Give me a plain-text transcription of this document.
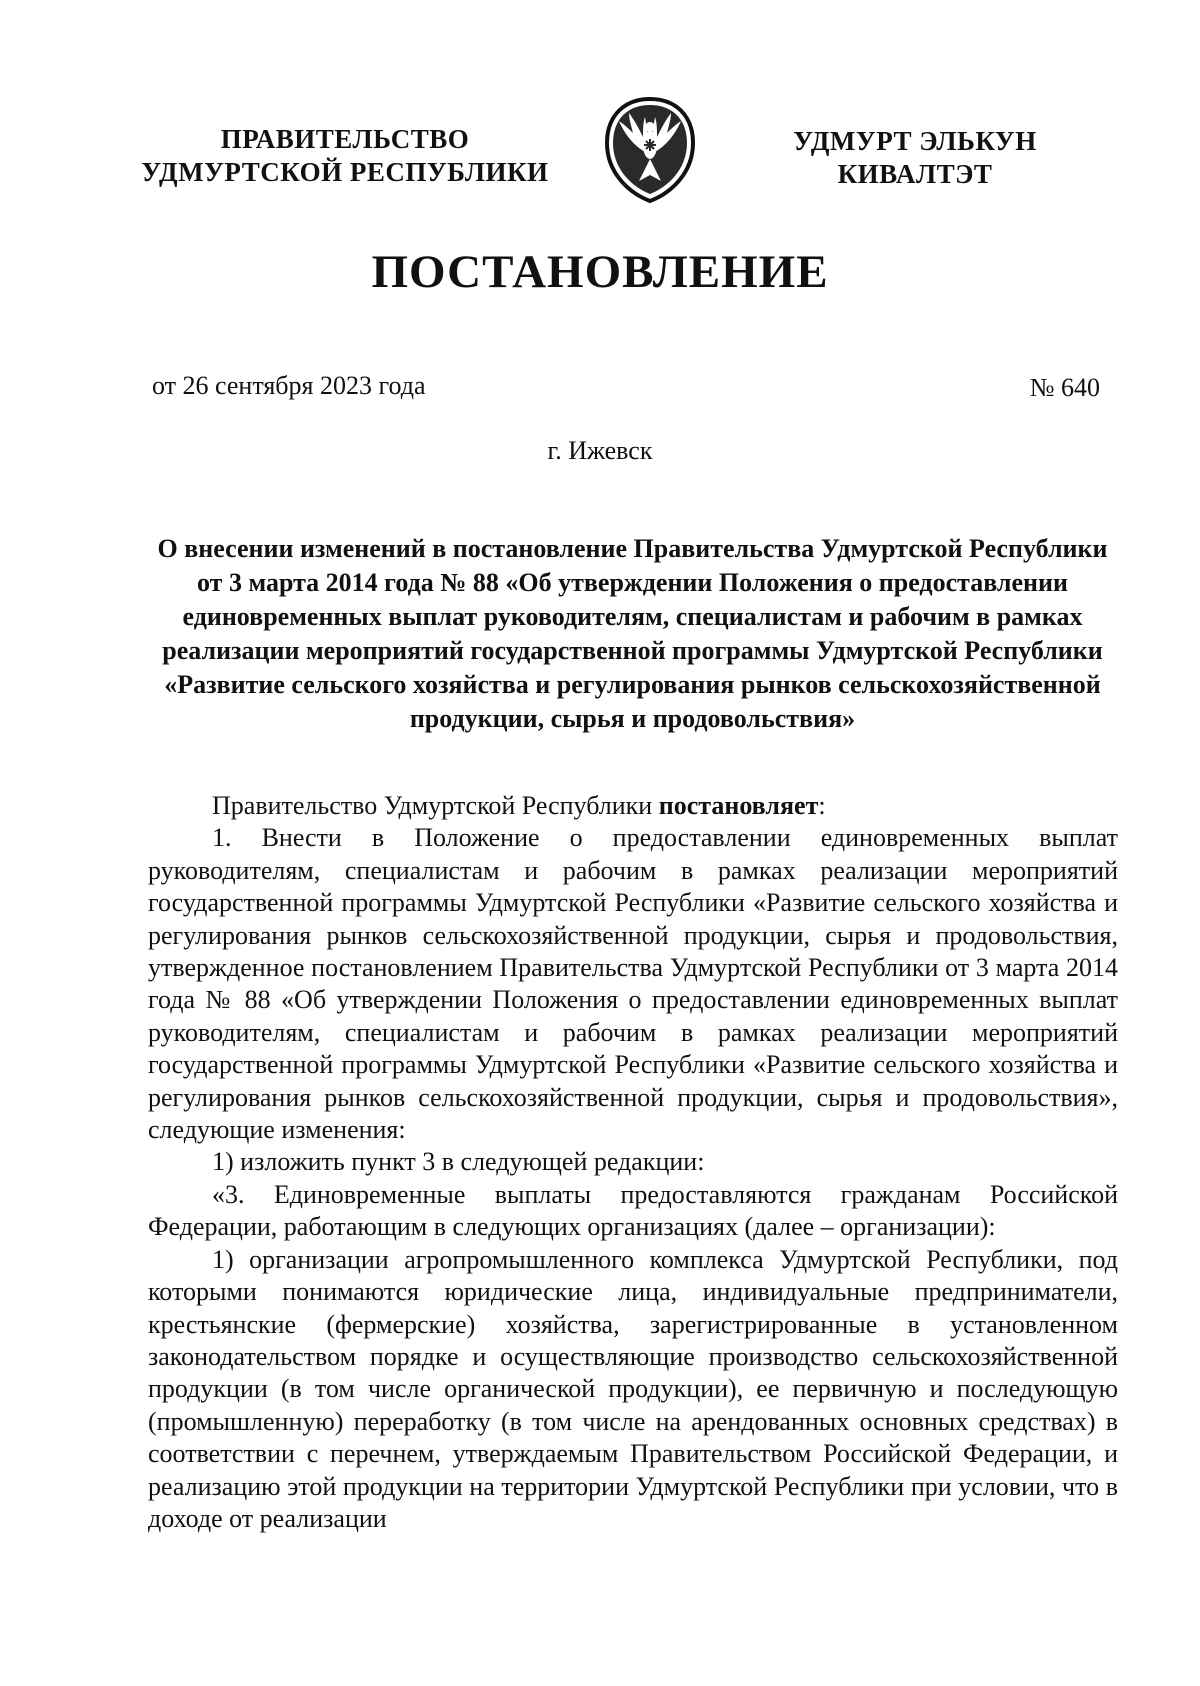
ПРАВИТЕЛЬСТВО
УДМУРТСКОЙ РЕСПУБЛИКИ
УДМУРТ ЭЛЬКУН
КИВАЛТЭТ
ПОСТАНОВЛЕНИЕ
от 26 сентября 2023 года	№ 640
г. Ижевск
О внесении изменений в постановление Правительства Удмуртской Республики от 3 марта 2014 года № 88 «Об утверждении Положения о предоставлении единовременных выплат руководителям, специалистам и рабочим в рамках реализации мероприятий государственной программы Удмуртской Республики «Развитие сельского хозяйства и регулирования рынков сельскохозяйственной продукции, сырья и продовольствия»

Правительство Удмуртской Республики постановляет:

1. Внести в Положение о предоставлении единовременных выплат руководителям, специалистам и рабочим в рамках реализации мероприятий государственной программы Удмуртской Республики «Развитие сельского хозяйства и регулирования рынков сельскохозяйственной продукции, сырья и продовольствия, утвержденное постановлением Правительства Удмуртской Республики от 3 марта 2014 года № 88 «Об утверждении Положения о предоставлении единовременных выплат руководителям, специалистам и рабочим в рамках реализации мероприятий государственной программы Удмуртской Республики «Развитие сельского хозяйства и регулирования рынков сельскохозяйственной продукции, сырья и продовольствия», следующие изменения:

1) изложить пункт 3 в следующей редакции:

«3. Единовременные выплаты предоставляются гражданам Российской Федерации, работающим в следующих организациях (далее – организации):

1) организации агропромышленного комплекса Удмуртской Республики, под которыми понимаются юридические лица, индивидуальные предприниматели, крестьянские (фермерские) хозяйства, зарегистрированные в установленном законодательством порядке и осуществляющие производство сельскохозяйственной продукции (в том числе органической продукции), ее первичную и последующую (промышленную) переработку (в том числе на арендованных основных средствах) в соответствии с перечнем, утверждаемым Правительством Российской Федерации, и реализацию этой продукции на территории Удмуртской Республики при условии, что в доходе от реализации
